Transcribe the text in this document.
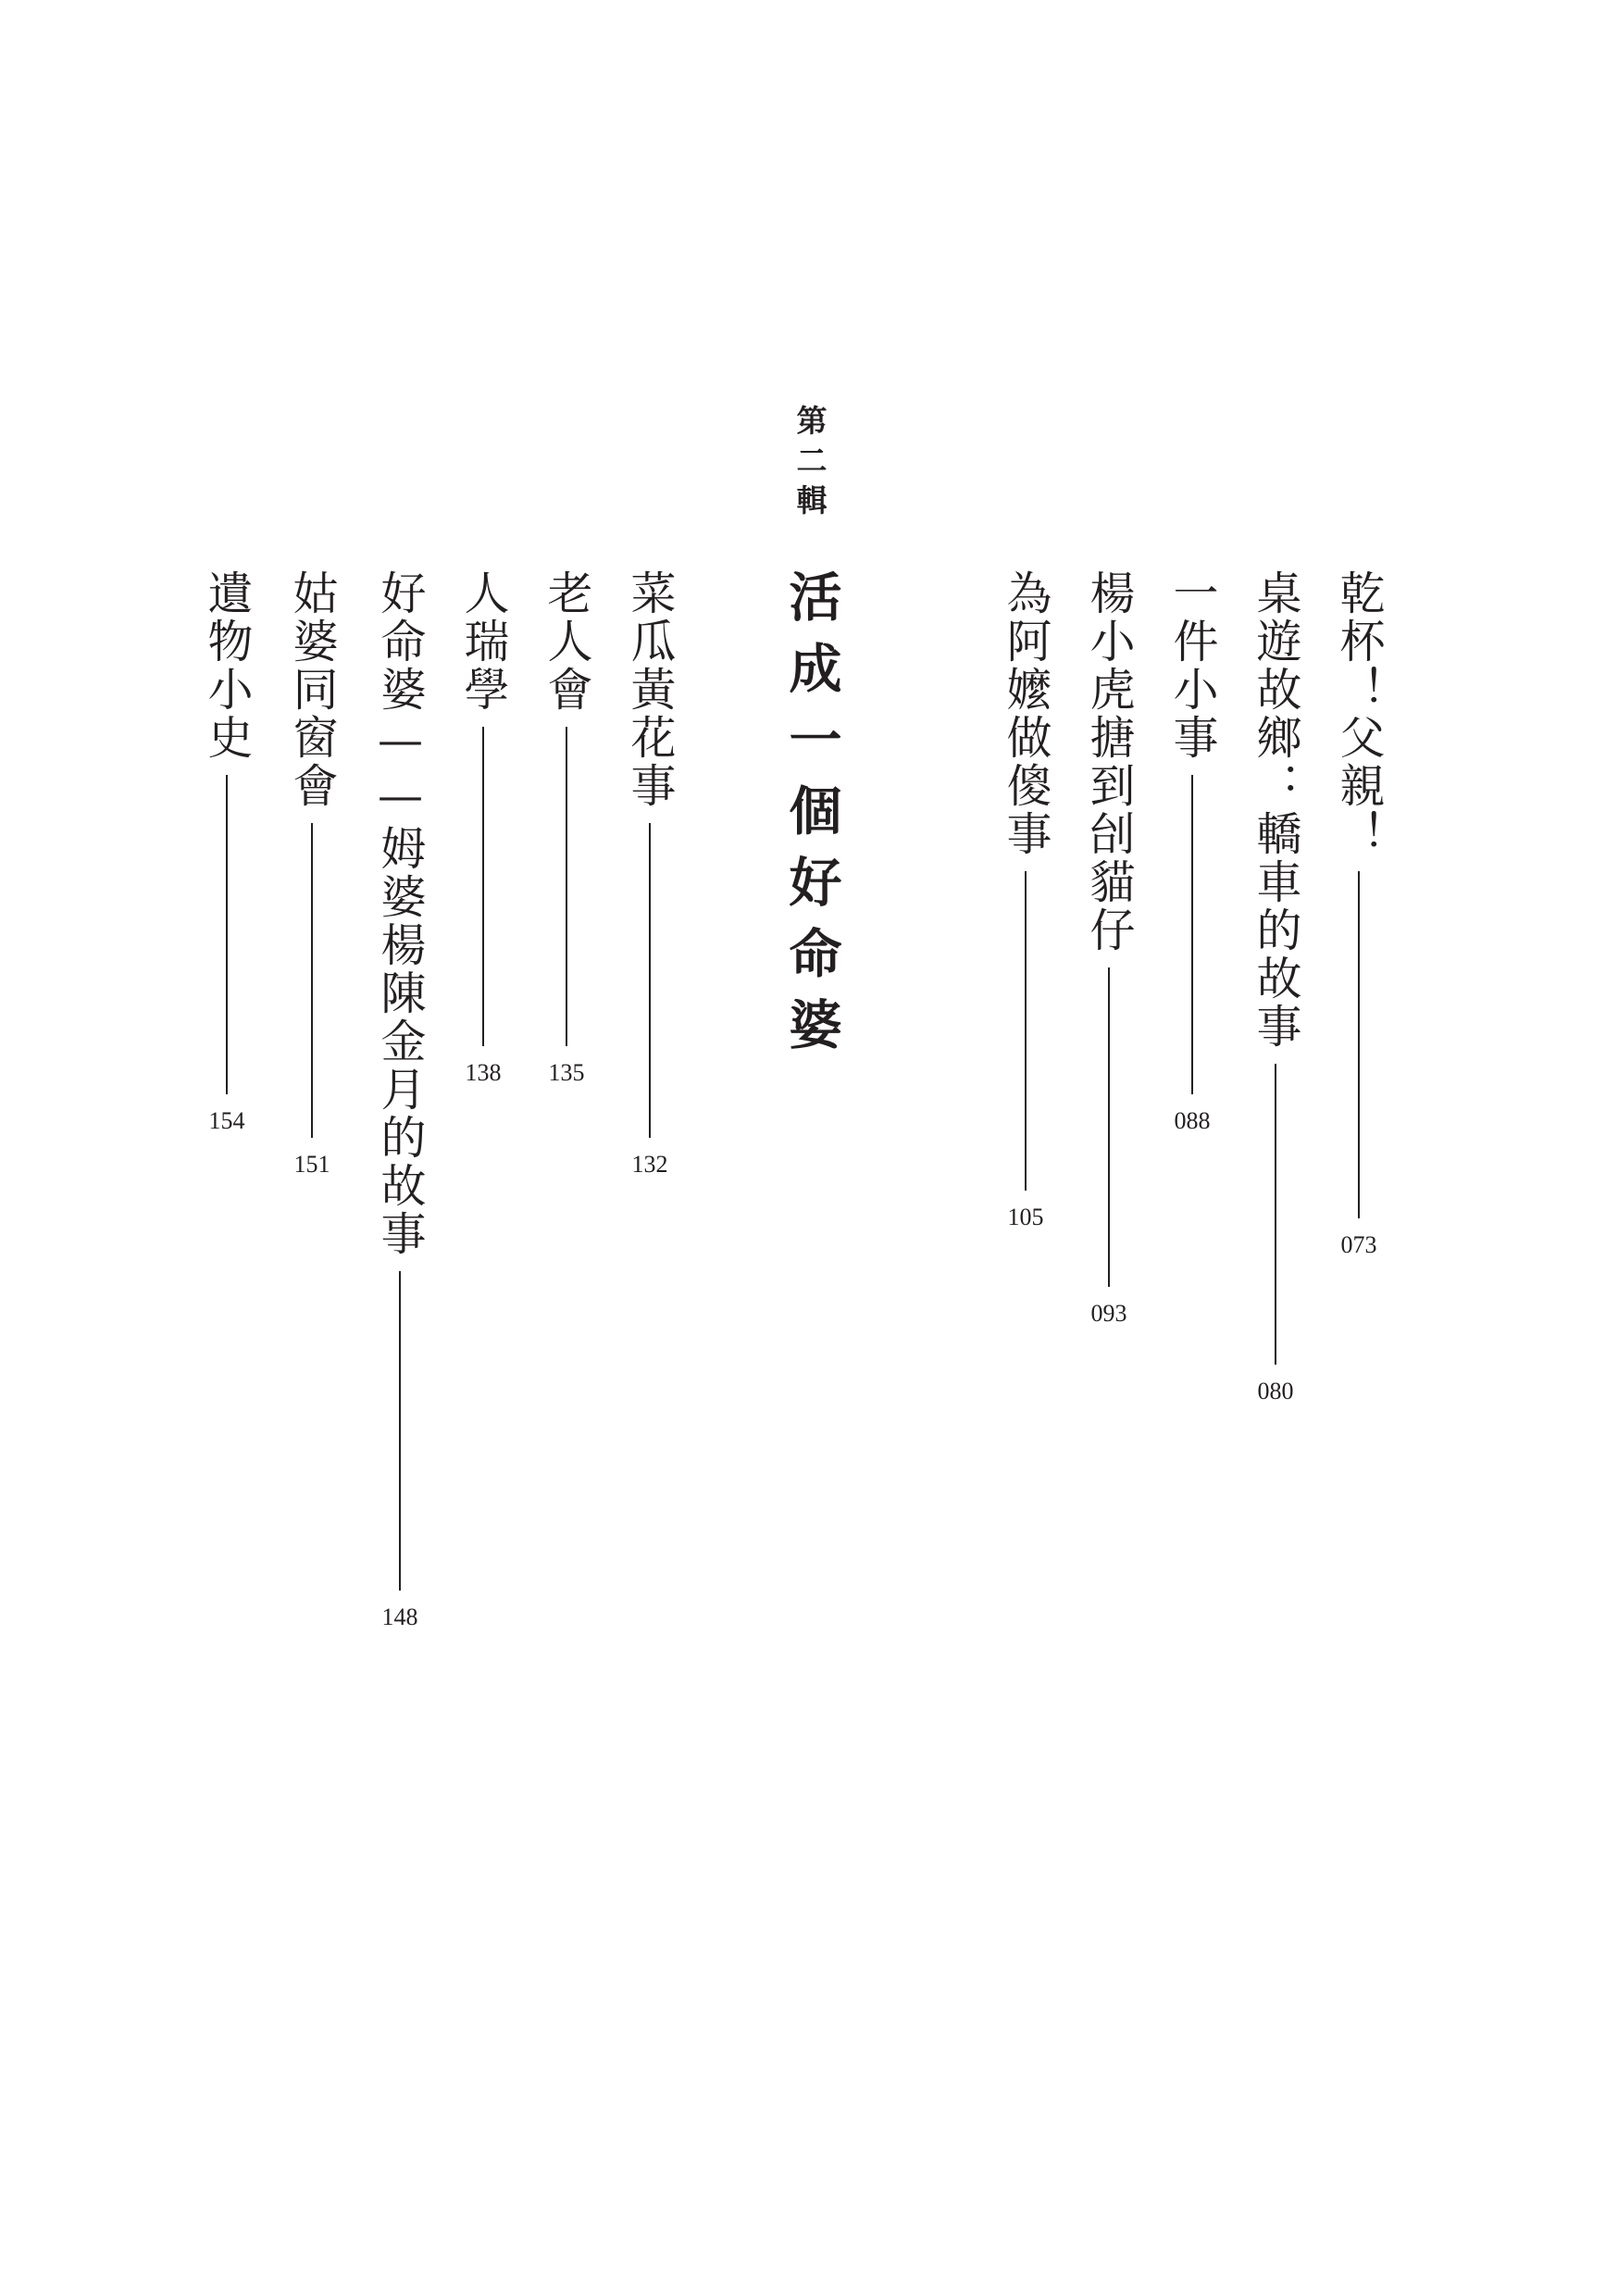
第二輯
活成一個好命婆	乾杯！父親！
073
桌遊故鄉：轎車的故事
080
一件小事
088
楊小虎搪到刣貓仔
093
為阿嬤做傻事
105
菜瓜黃花事
132
老人會
135
人瑞學
138
好命婆——姆婆楊陳金月的故事
148
姑婆同窗會
151
遺物小史
154
